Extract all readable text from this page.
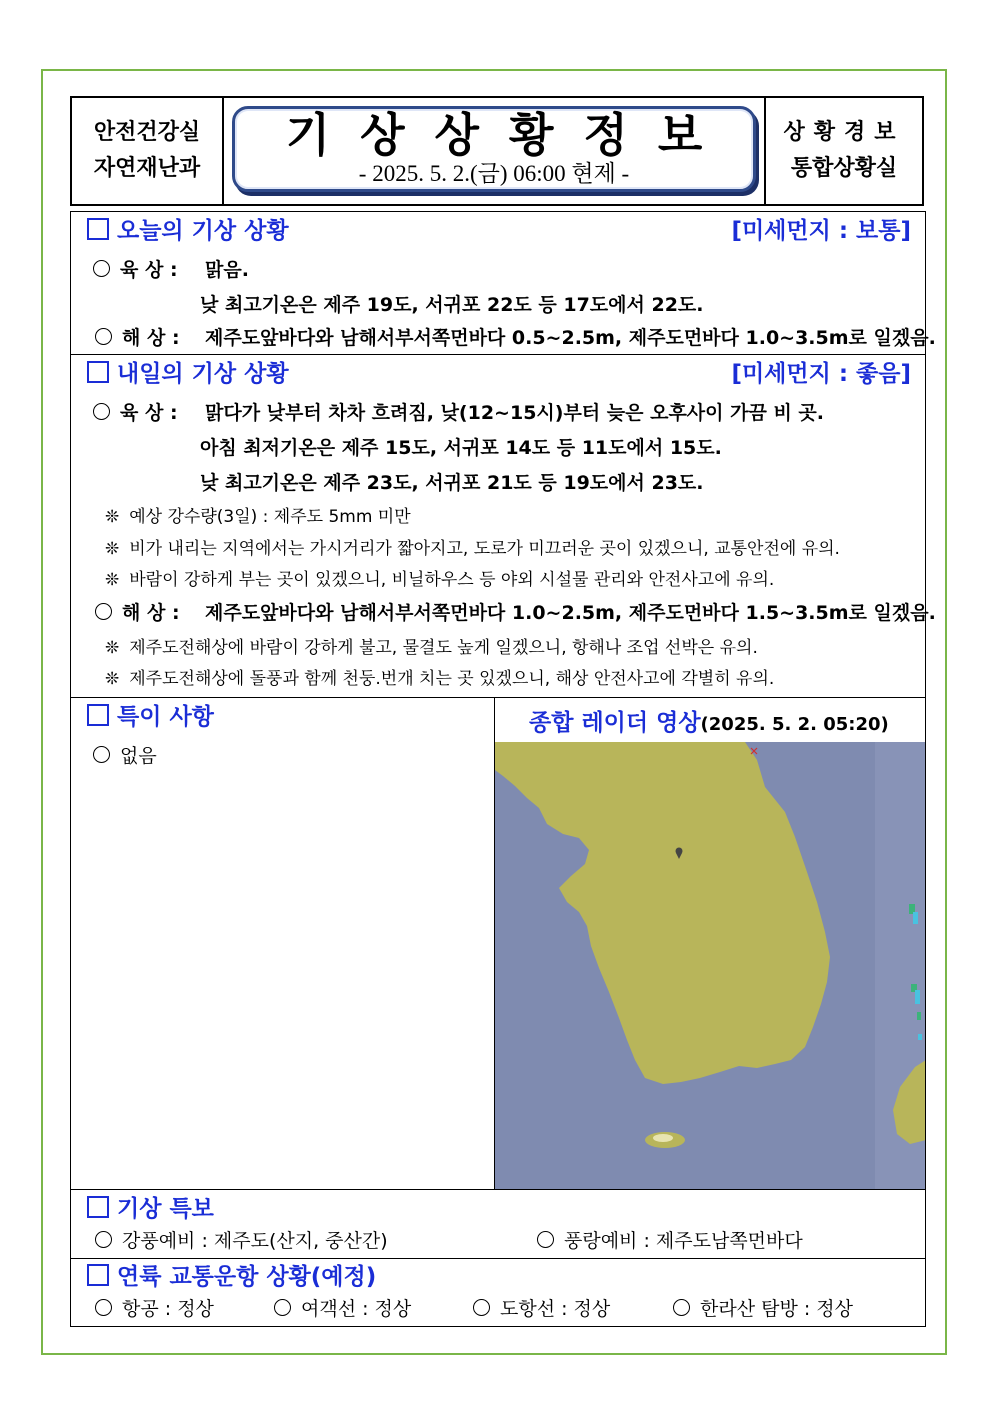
안전건강실
자연재난과
기상상황정보
- 2025. 5. 2.(금) 06:00 현제 -
상황경보
통합상황실
오늘의 기상 상황	[미세먼지 : 보통]
육 상 : 맑음.
낮 최고기온은 제주 19도, 서귀포 22도 등 17도에서 22도.
해 상 : 제주도앞바다와 남해서부서쪽먼바다 0.5~2.5m, 제주도먼바다 1.0~3.5m로 일겠음.
내일의 기상 상황	[미세먼지 : 좋음]
육 상 : 맑다가 낮부터 차차 흐려짐, 낮(12~15시)부터 늦은 오후사이 가끔 비 곳.
아침 최저기온은 제주 15도, 서귀포 14도 등 11도에서 15도.
낮 최고기온은 제주 23도, 서귀포 21도 등 19도에서 23도.
❊ 예상 강수량(3일) : 제주도 5mm 미만
❊ 비가 내리는 지역에서는 가시거리가 짧아지고, 도로가 미끄러운 곳이 있겠으니, 교통안전에 유의.
❊ 바람이 강하게 부는 곳이 있겠으니, 비닐하우스 등 야외 시설물 관리와 안전사고에 유의.
해 상 : 제주도앞바다와 남해서부서쪽먼바다 1.0~2.5m, 제주도먼바다 1.5~3.5m로 일겠음.
❊ 제주도전해상에 바람이 강하게 불고, 물결도 높게 일겠으니, 항해나 조업 선박은 유의.
❊ 제주도전해상에 돌풍과 함께 천둥.번개 치는 곳 있겠으니, 해상 안전사고에 각별히 유의.
특이 사항
없음
종합 레이더 영상(2025. 5. 2. 05:20)
기상 특보
강풍예비 : 제주도(산지, 중산간)	풍랑예비 : 제주도남쪽먼바다
연륙 교통운항 상황(예정)
항공 : 정상	여객선 : 정상	도항선 : 정상	한라산 탐방 : 정상
